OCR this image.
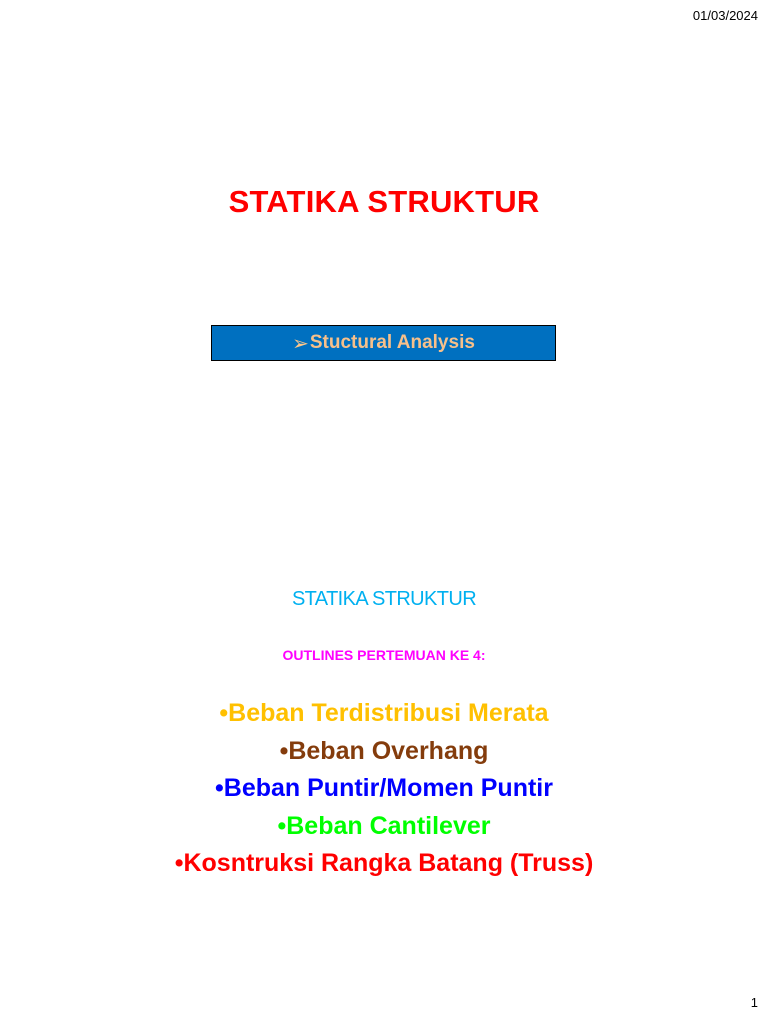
01/03/2024
STATIKA STRUKTUR
➢ Stuctural Analysis
STATIKA STRUKTUR
OUTLINES PERTEMUAN KE 4:
•Beban Terdistribusi Merata
•Beban Overhang
•Beban Puntir/Momen Puntir
•Beban Cantilever
•Kosntruksi Rangka Batang (Truss)
1
